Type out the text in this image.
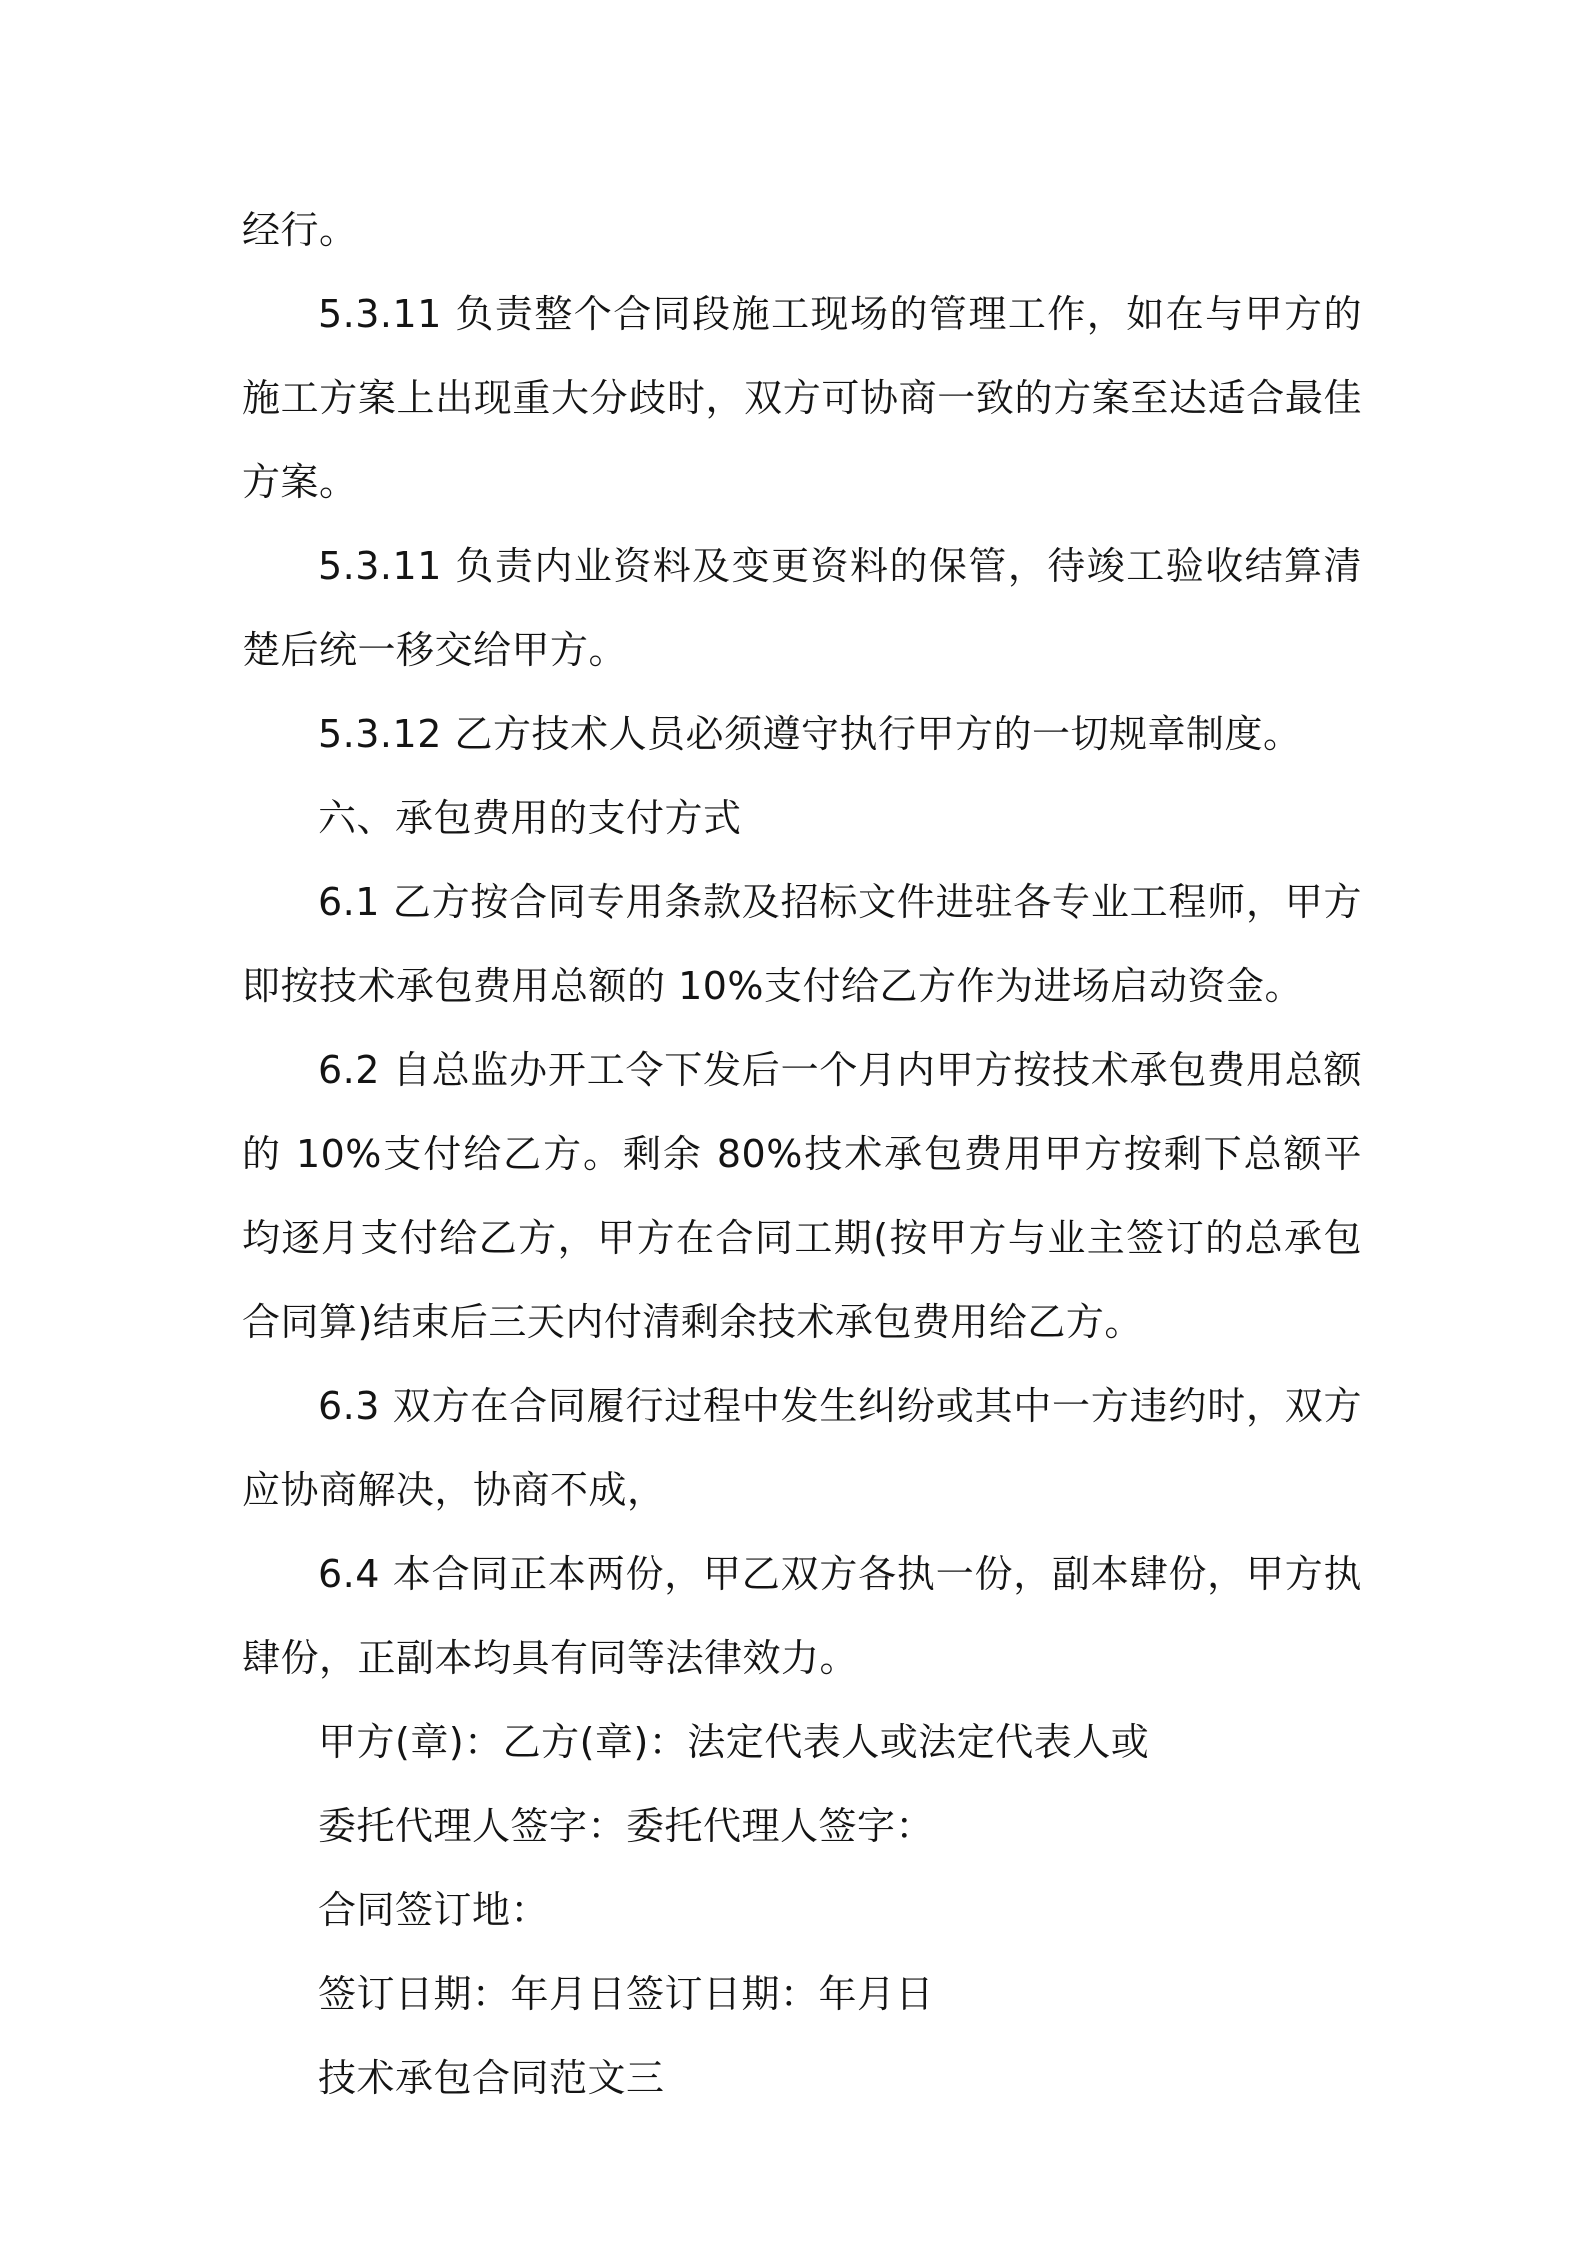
经行。

5.3.11 负责整个合同段施工现场的管理工作，如在与甲方的施工方案上出现重大分歧时，双方可协商一致的方案至达适合最佳方案。

5.3.11 负责内业资料及变更资料的保管，待竣工验收结算清楚后统一移交给甲方。

5.3.12 乙方技术人员必须遵守执行甲方的一切规章制度。

六、承包费用的支付方式

6.1 乙方按合同专用条款及招标文件进驻各专业工程师，甲方即按技术承包费用总额的 10%支付给乙方作为进场启动资金。

6.2 自总监办开工令下发后一个月内甲方按技术承包费用总额的 10%支付给乙方。剩余 80%技术承包费用甲方按剩下总额平均逐月支付给乙方，甲方在合同工期(按甲方与业主签订的总承包合同算)结束后三天内付清剩余技术承包费用给乙方。

6.3 双方在合同履行过程中发生纠纷或其中一方违约时，双方应协商解决，协商不成，

6.4 本合同正本两份，甲乙双方各执一份，副本肆份，甲方执肆份，正副本均具有同等法律效力。

甲方(章)：乙方(章)：法定代表人或法定代表人或

委托代理人签字：委托代理人签字：

合同签订地：

签订日期：年月日签订日期：年月日

技术承包合同范文三
